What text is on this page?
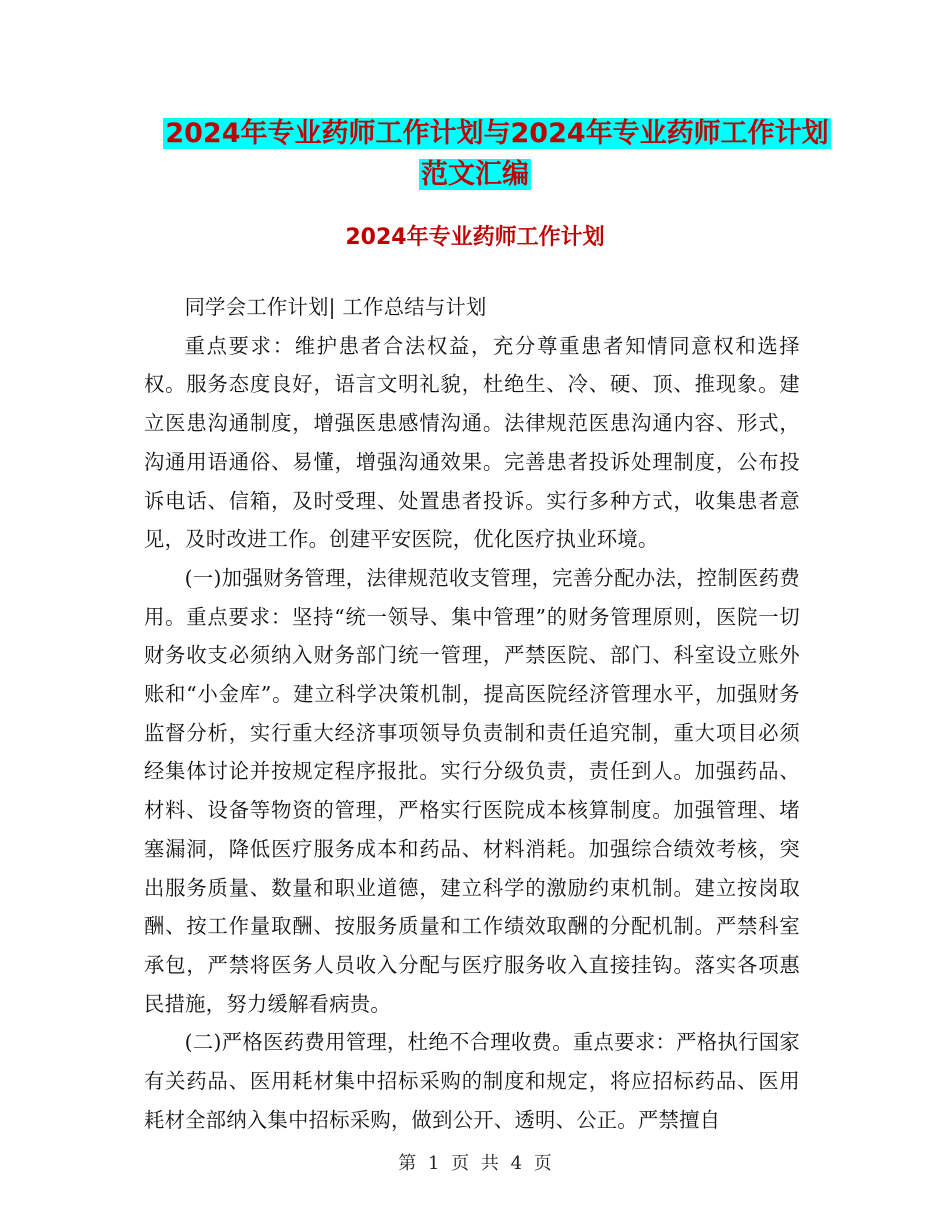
2024年专业药师工作计划与2024年专业药师工作计划
范文汇编
2024年专业药师工作计划

同学会工作计划| 工作总结与计划

重点要求：维护患者合法权益，充分尊重患者知情同意权和选择权。服务态度良好，语言文明礼貌，杜绝生、冷、硬、顶、推现象。建立医患沟通制度，增强医患感情沟通。法律规范医患沟通内容、形式，沟通用语通俗、易懂，增强沟通效果。完善患者投诉处理制度，公布投诉电话、信箱，及时受理、处置患者投诉。实行多种方式，收集患者意见，及时改进工作。创建平安医院，优化医疗执业环境。

(一)加强财务管理，法律规范收支管理，完善分配办法，控制医药费用。重点要求：坚持“统一领导、集中管理”的财务管理原则，医院一切财务收支必须纳入财务部门统一管理，严禁医院、部门、科室设立账外账和“小金库”。建立科学决策机制，提高医院经济管理水平，加强财务监督分析，实行重大经济事项领导负责制和责任追究制，重大项目必须经集体讨论并按规定程序报批。实行分级负责，责任到人。加强药品、材料、设备等物资的管理，严格实行医院成本核算制度。加强管理、堵塞漏洞，降低医疗服务成本和药品、材料消耗。加强综合绩效考核，突出服务质量、数量和职业道德，建立科学的激励约束机制。建立按岗取酬、按工作量取酬、按服务质量和工作绩效取酬的分配机制。严禁科室承包，严禁将医务人员收入分配与医疗服务收入直接挂钩。落实各项惠民措施，努力缓解看病贵。

(二)严格医药费用管理，杜绝不合理收费。重点要求：严格执行国家有关药品、医用耗材集中招标采购的制度和规定，将应招标药品、医用耗材全部纳入集中招标采购，做到公开、透明、公正。严禁擅自

第 1 页 共 4 页
